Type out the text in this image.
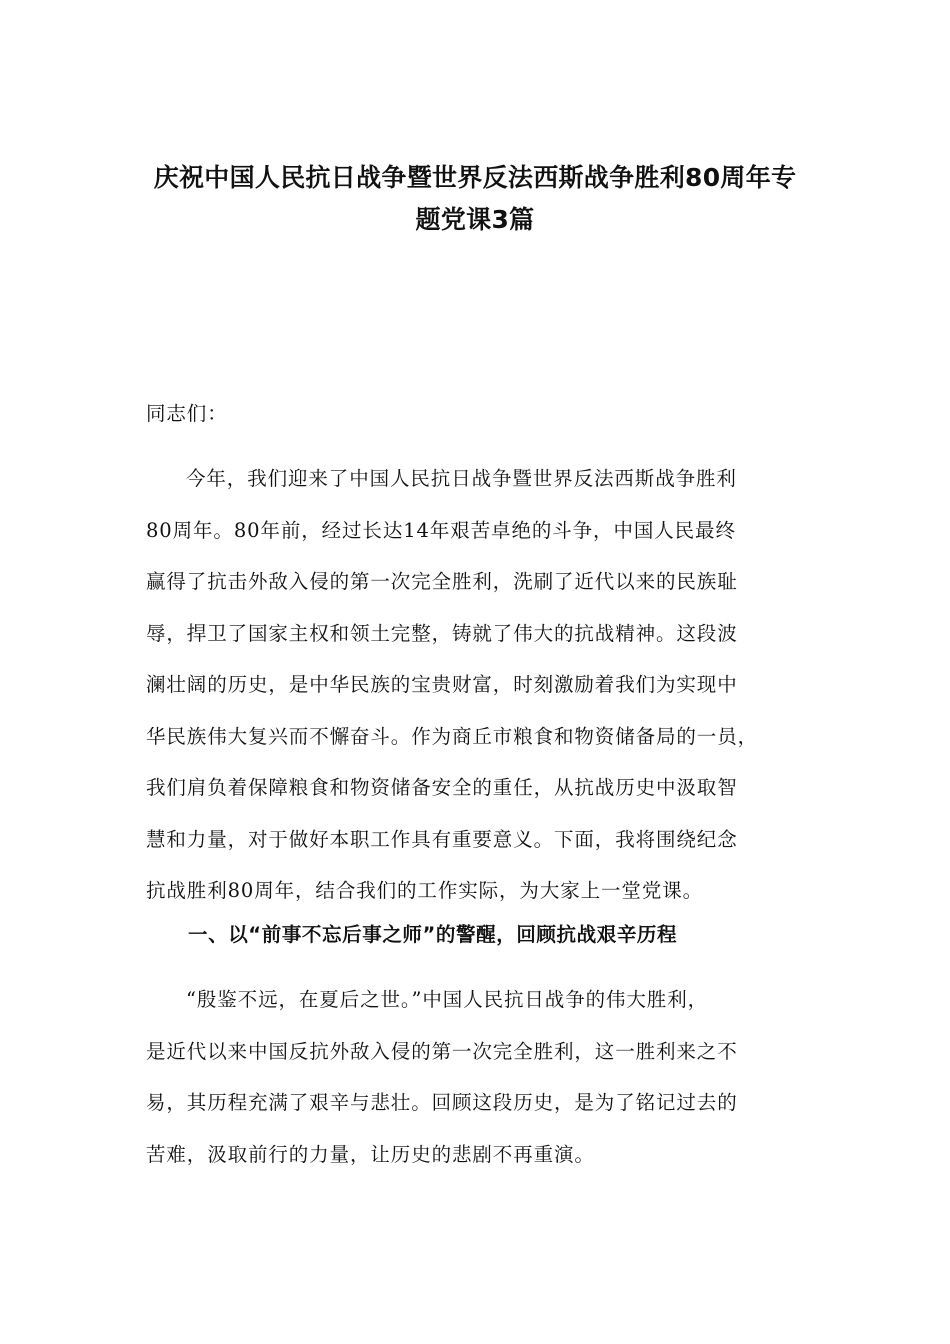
庆祝中国人民抗日战争暨世界反法西斯战争胜利80周年专
题党课3篇
同志们：
今年，我们迎来了中国人民抗日战争暨世界反法西斯战争胜利
80周年。80年前，经过长达14年艰苦卓绝的斗争，中国人民最终
赢得了抗击外敌入侵的第一次完全胜利，洗刷了近代以来的民族耻
辱，捍卫了国家主权和领土完整，铸就了伟大的抗战精神。这段波
澜壮阔的历史，是中华民族的宝贵财富，时刻激励着我们为实现中
华民族伟大复兴而不懈奋斗。作为商丘市粮食和物资储备局的一员，
我们肩负着保障粮食和物资储备安全的重任，从抗战历史中汲取智
慧和力量，对于做好本职工作具有重要意义。下面，我将围绕纪念
抗战胜利80周年，结合我们的工作实际，为大家上一堂党课。
一、以“前事不忘后事之师”的警醒，回顾抗战艰辛历程
“殷鉴不远，在夏后之世。”中国人民抗日战争的伟大胜利，
是近代以来中国反抗外敌入侵的第一次完全胜利，这一胜利来之不
易，其历程充满了艰辛与悲壮。回顾这段历史，是为了铭记过去的
苦难，汲取前行的力量，让历史的悲剧不再重演。
